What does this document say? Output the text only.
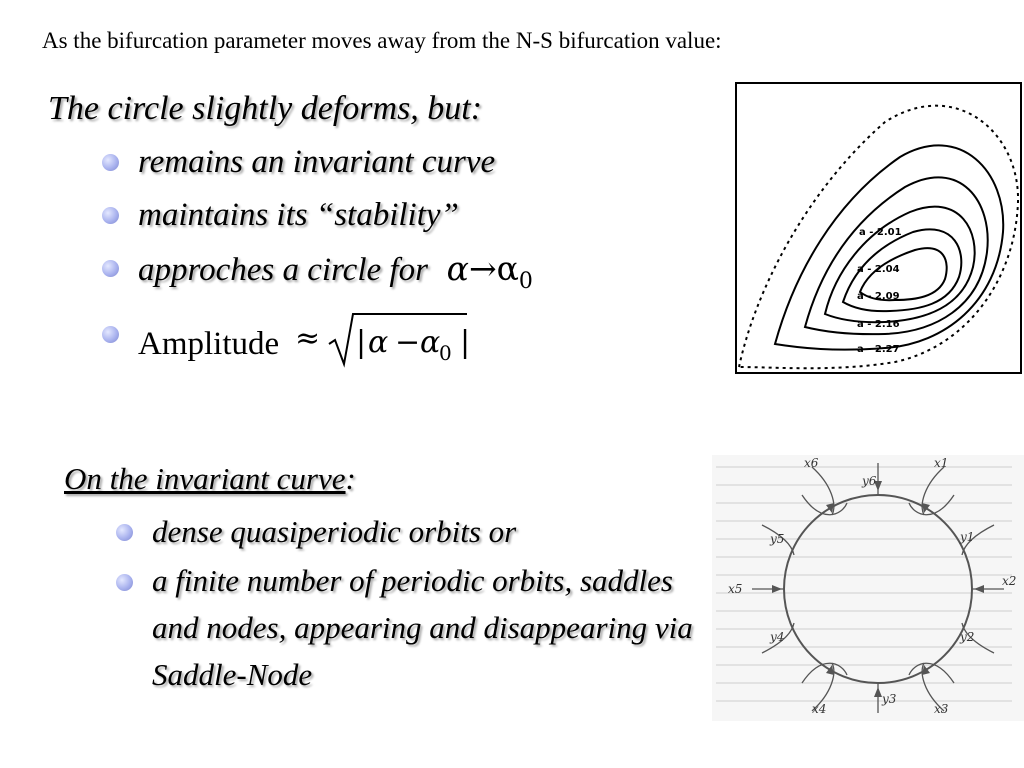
As the bifurcation parameter moves away from the N-S bifurcation value:
The circle slightly deforms, but:
remains an invariant curve
maintains its “stability”
approches a circle for $\alpha\to\alpha_0$
Amplitude ≈ | α − α
0 |
a - 2.01
a - 2.04
a - 2.09
a - 2.16
a - 2.27
On the invariant curve:
dense quasiperiodic orbits or
a finite number of periodic orbits, saddles and nodes, appearing and disappearing via Saddle-Node
x6	x1
x2
x3
x4
x5
y6
y1
y2
y3
y4
y5
